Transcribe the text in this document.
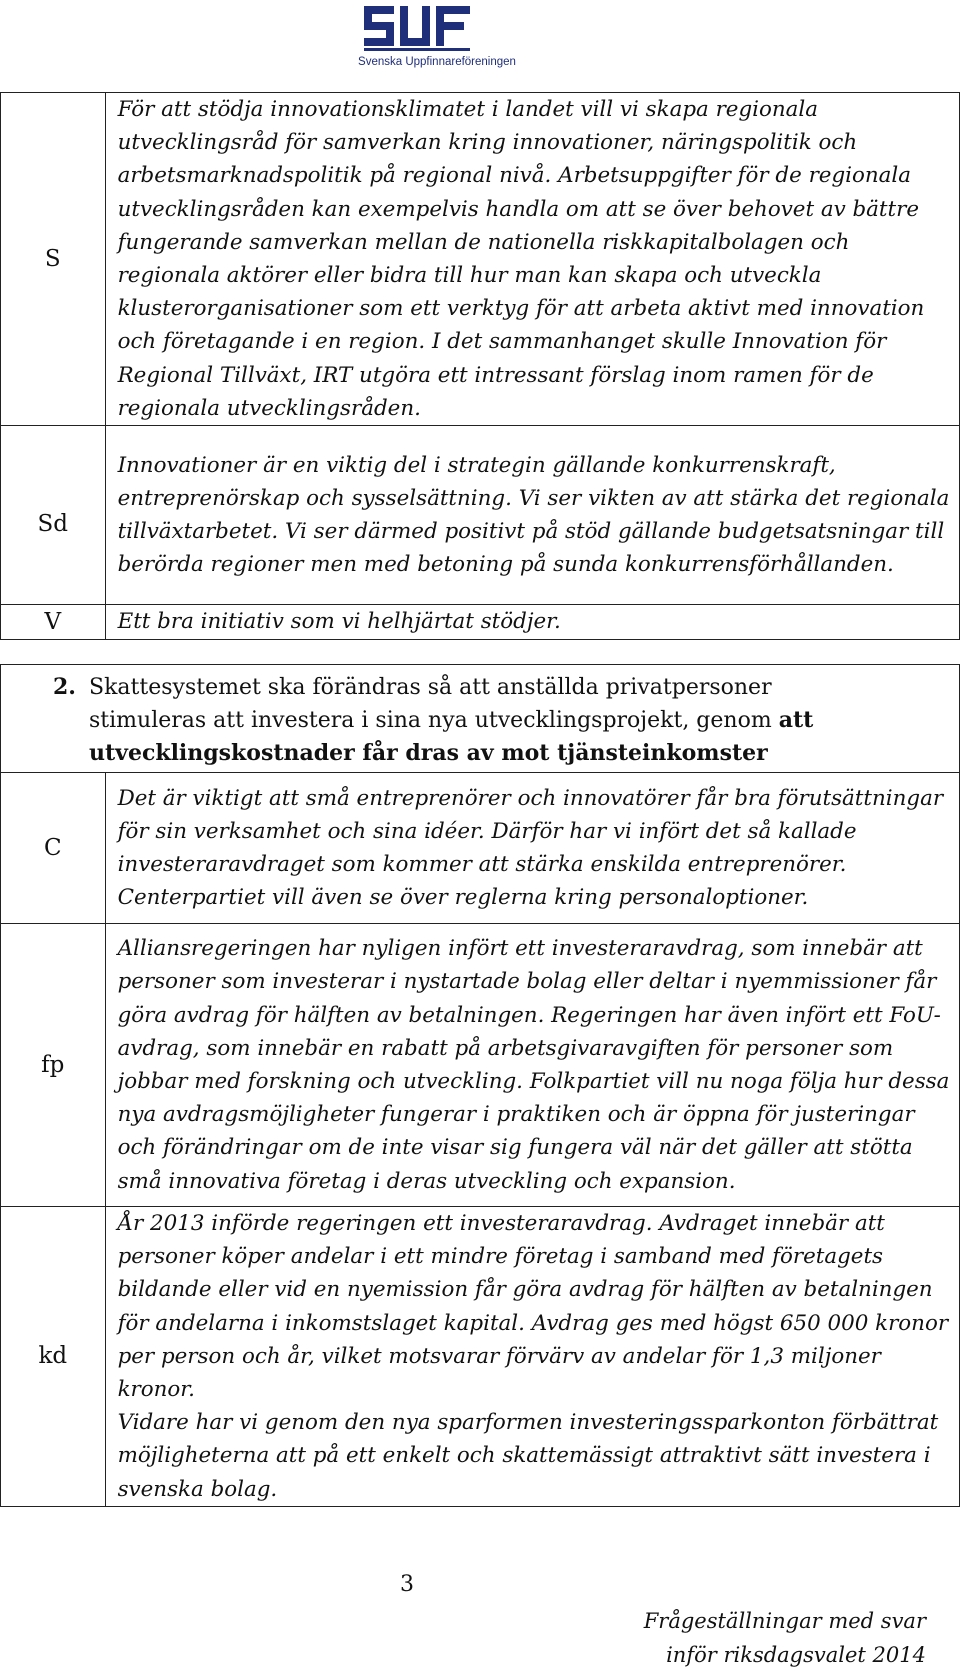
Svenska Uppfinnareföreningen
S	För att stödja innovationsklimatet i landet vill vi skapa regionala utvecklingsråd för samverkan kring innovationer, näringspolitik och arbetsmarknadspolitik på regional nivå. Arbetsuppgifter för de regionala utvecklingsråden kan exempelvis handla om att se över behovet av bättre fungerande samverkan mellan de nationella riskkapitalbolagen och regionala aktörer eller bidra till hur man kan skapa och utveckla klusterorganisationer som ett verktyg för att arbeta aktivt med innovation och företagande i en region. I det sammanhanget skulle Innovation för Regional Tillväxt, IRT utgöra ett intressant förslag inom ramen för de regionala utvecklingsråden.
Sd	Innovationer är en viktig del i strategin gällande konkurrenskraft, entreprenörskap och sysselsättning. Vi ser vikten av att stärka det regionala tillväxtarbetet. Vi ser därmed positivt på stöd gällande budgetsatsningar till berörda regioner men med betoning på sunda konkurrensförhållanden.
V	Ett bra initiativ som vi helhjärtat stödjer.
2. Skattesystemet ska förändras så att anställda privatpersoner
stimuleras att investera i sina nya utvecklingsprojekt, genom att
utvecklingskostnader får dras av mot tjänsteinkomster	

C	Det är viktigt att små entreprenörer och innovatörer får bra förutsättningar för sin verksamhet och sina idéer. Därför har vi infört det så kallade investeraravdraget som kommer att stärka enskilda entreprenörer. Centerpartiet vill även se över reglerna kring personaloptioner.
fp	Alliansregeringen har nyligen infört ett investeraravdrag, som innebär att personer som investerar i nystartade bolag eller deltar i nyemmissioner får göra avdrag för hälften av betalningen. Regeringen har även infört ett FoU-avdrag, som innebär en rabatt på arbetsgivaravgiften för personer som jobbar med forskning och utveckling. Folkpartiet vill nu noga följa hur dessa nya avdragsmöjligheter fungerar i praktiken och är öppna för justeringar och förändringar om de inte visar sig fungera väl när det gäller att stötta små innovativa företag i deras utveckling och expansion.
kd	År 2013 införde regeringen ett investeraravdrag. Avdraget innebär att personer köper andelar i ett mindre företag i samband med företagets bildande eller vid en nyemission får göra avdrag för hälften av betalningen för andelarna i inkomstslaget kapital. Avdrag ges med högst 650 000 kronor per person och år, vilket motsvarar förvärv av andelar för 1,3 miljoner kronor.
Vidare har vi genom den nya sparformen investeringssparkonton förbättrat möjligheterna att på ett enkelt och skattemässigt attraktivt sätt investera i svenska bolag.
3
Frågeställningar med svar
inför riksdagsvalet 2014
